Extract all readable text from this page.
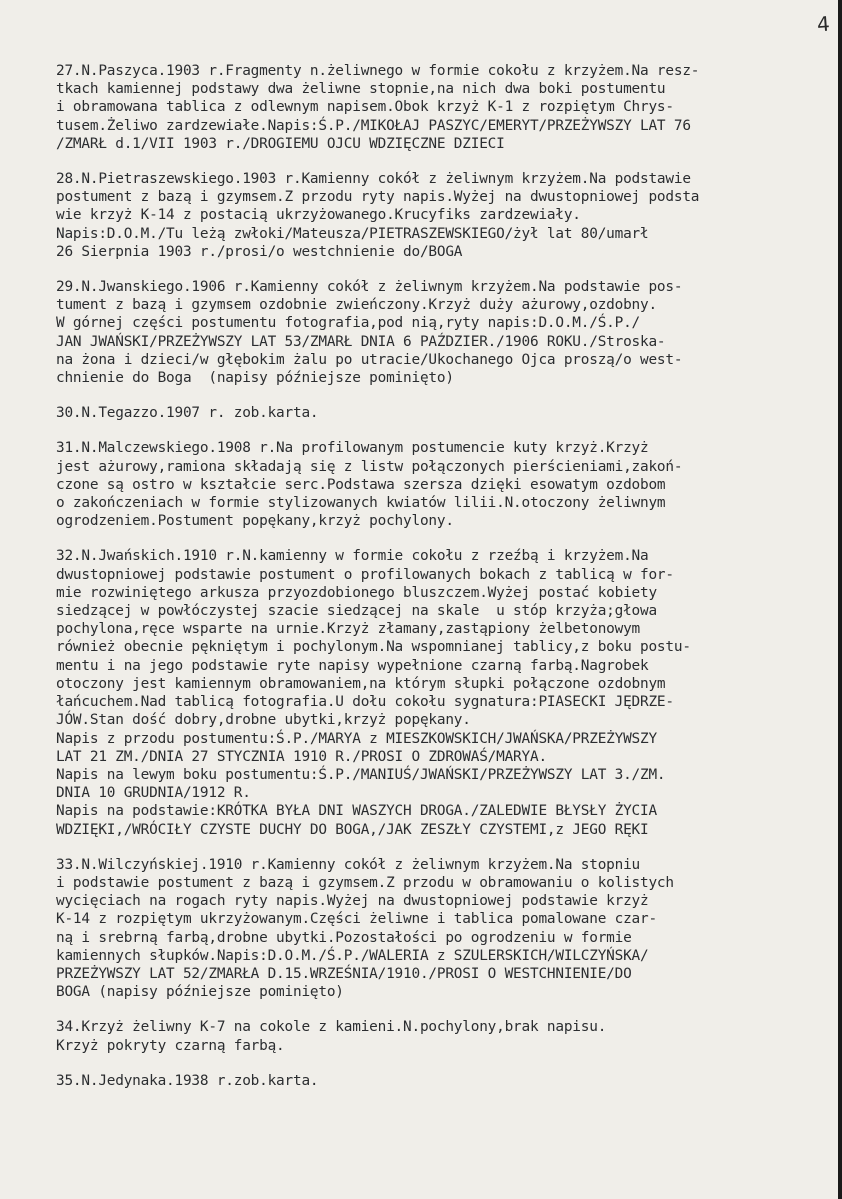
4

27.N.Paszyca.1903 r.Fragmenty n.żeliwnego w formie cokołu z krzyżem.Na resz-

tkach kamiennej podstawy dwa żeliwne stopnie,na nich dwa boki postumentu

i obramowana tablica z odlewnym napisem.Obok krzyż K-1 z rozpiętym Chrys-

tusem.Żeliwo zardzewiałe.Napis:Ś.P./MIKOŁAJ PASZYC/EMERYT/PRZEŻYWSZY LAT 76

/ZMARŁ d.1/VII 1903 r./DROGIEMU OJCU WDZIĘCZNE DZIECI

28.N.Pietraszewskiego.1903 r.Kamienny cokół z żeliwnym krzyżem.Na podstawie

postument z bazą i gzymsem.Z przodu ryty napis.Wyżej na dwustopniowej podsta

wie krzyż K-14 z postacią ukrzyżowanego.Krucyfiks zardzewiały.

Napis:D.O.M./Tu leżą zwłoki/Mateusza/PIETRASZEWSKIEGO/żył lat 80/umarł

26 Sierpnia 1903 r./prosi/o westchnienie do/BOGA

29.N.Jwanskiego.1906 r.Kamienny cokół z żeliwnym krzyżem.Na podstawie pos-

tument z bazą i gzymsem ozdobnie zwieńczony.Krzyż duży ażurowy,ozdobny.

W górnej części postumentu fotografia,pod nią,ryty napis:D.O.M./Ś.P./

JAN JWAŃSKI/PRZEŻYWSZY LAT 53/ZMARŁ DNIA 6 PAŹDZIER./1906 ROKU./Stroska-

na żona i dzieci/w głębokim żalu po utracie/Ukochanego Ojca proszą/o west-

chnienie do Boga  (napisy późniejsze pominięto)

30.N.Tegazzo.1907 r. zob.karta.

31.N.Malczewskiego.1908 r.Na profilowanym postumencie kuty krzyż.Krzyż

jest ażurowy,ramiona składają się z listw połączonych pierścieniami,zakoń-

czone są ostro w kształcie serc.Podstawa szersza dzięki esowatym ozdobom

o zakończeniach w formie stylizowanych kwiatów lilii.N.otoczony żeliwnym

ogrodzeniem.Postument popękany,krzyż pochylony.

32.N.Jwańskich.1910 r.N.kamienny w formie cokołu z rzeźbą i krzyżem.Na

dwustopniowej podstawie postument o profilowanych bokach z tablicą w for-

mie rozwiniętego arkusza przyozdobionego bluszczem.Wyżej postać kobiety

siedzącej w powłóczystej szacie siedzącej na skale  u stóp krzyża;głowa

pochylona,ręce wsparte na urnie.Krzyż złamany,zastąpiony żelbetonowym

również obecnie pękniętym i pochylonym.Na wspomnianej tablicy,z boku postu-

mentu i na jego podstawie ryte napisy wypełnione czarną farbą.Nagrobek

otoczony jest kamiennym obramowaniem,na którym słupki połączone ozdobnym

łańcuchem.Nad tablicą fotografia.U dołu cokołu sygnatura:PIASECKI JĘDRZE-

JÓW.Stan dość dobry,drobne ubytki,krzyż popękany.

Napis z przodu postumentu:Ś.P./MARYA z MIESZKOWSKICH/JWAŃSKA/PRZEŻYWSZY

LAT 21 ZM./DNIA 27 STYCZNIA 1910 R./PROSI O ZDROWAŚ/MARYA.

Napis na lewym boku postumentu:Ś.P./MANIUŚ/JWAŃSKI/PRZEŻYWSZY LAT 3./ZM.

DNIA 10 GRUDNIA/1912 R.

Napis na podstawie:KRÓTKA BYŁA DNI WASZYCH DROGA./ZALEDWIE BŁYSŁY ŻYCIA

WDZIĘKI,/WRÓCIŁY CZYSTE DUCHY DO BOGA,/JAK ZESZŁY CZYSTEMI,z JEGO RĘKI

33.N.Wilczyńskiej.1910 r.Kamienny cokół z żeliwnym krzyżem.Na stopniu

i podstawie postument z bazą i gzymsem.Z przodu w obramowaniu o kolistych

wycięciach na rogach ryty napis.Wyżej na dwustopniowej podstawie krzyż

K-14 z rozpiętym ukrzyżowanym.Części żeliwne i tablica pomalowane czar-

ną i srebrną farbą,drobne ubytki.Pozostałości po ogrodzeniu w formie

kamiennych słupków.Napis:D.O.M./Ś.P./WALERIA z SZULERSKICH/WILCZYŃSKA/

PRZEŻYWSZY LAT 52/ZMARŁA D.15.WRZEŚNIA/1910./PROSI O WESTCHNIENIE/DO

BOGA (napisy późniejsze pominięto)

34.Krzyż żeliwny K-7 na cokole z kamieni.N.pochylony,brak napisu.

Krzyż pokryty czarną farbą.

35.N.Jedynaka.1938 r.zob.karta.
